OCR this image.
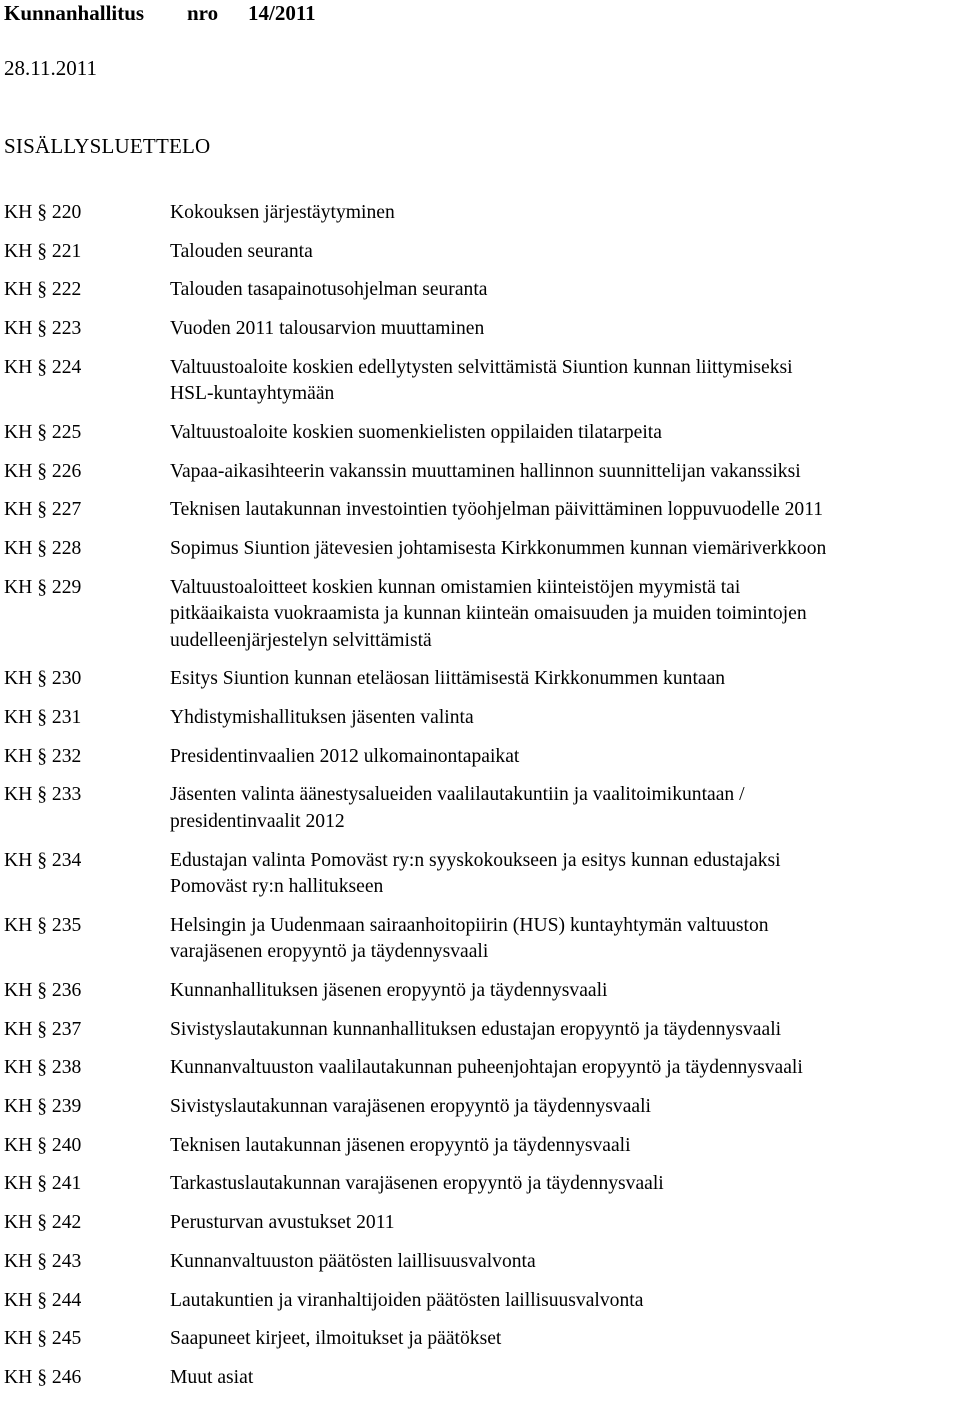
Kunnanhallitus nro 14/2011
28.11.2011
SISÄLLYSLUETTELO
KH § 220	Kokouksen järjestäytyminen
KH § 221	Talouden seuranta
KH § 222	Talouden tasapainotusohjelman seuranta
KH § 223	Vuoden 2011 talousarvion muuttaminen
KH § 224	Valtuustoaloite koskien edellytysten selvittämistä Siuntion kunnan liittymiseksi
HSL-kuntayhtymään
KH § 225	Valtuustoaloite koskien suomenkielisten oppilaiden tilatarpeita
KH § 226	Vapaa-aikasihteerin vakanssin muuttaminen hallinnon suunnittelijan vakanssiksi
KH § 227	Teknisen lautakunnan investointien työohjelman päivittäminen loppuvuodelle 2011
KH § 228	Sopimus Siuntion jätevesien johtamisesta Kirkkonummen kunnan viemäriverkkoon
KH § 229	Valtuustoaloitteet koskien kunnan omistamien kiinteistöjen myymistä tai
pitkäaikaista vuokraamista ja kunnan kiinteän omaisuuden ja muiden toimintojen
uudelleenjärjestelyn selvittämistä
KH § 230	Esitys Siuntion kunnan eteläosan liittämisestä Kirkkonummen kuntaan
KH § 231	Yhdistymishallituksen jäsenten valinta
KH § 232	Presidentinvaalien 2012 ulkomainontapaikat
KH § 233	Jäsenten valinta äänestysalueiden vaalilautakuntiin ja vaalitoimikuntaan /
presidentinvaalit 2012
KH § 234	Edustajan valinta Pomoväst ry:n syyskokoukseen ja esitys kunnan edustajaksi
Pomoväst ry:n hallitukseen
KH § 235	Helsingin ja Uudenmaan sairaanhoitopiirin (HUS) kuntayhtymän valtuuston
varajäsenen eropyyntö ja täydennysvaali
KH § 236	Kunnanhallituksen jäsenen eropyyntö ja täydennysvaali
KH § 237	Sivistyslautakunnan kunnanhallituksen edustajan eropyyntö ja täydennysvaali
KH § 238	Kunnanvaltuuston vaalilautakunnan puheenjohtajan eropyyntö ja täydennysvaali
KH § 239	Sivistyslautakunnan varajäsenen eropyyntö ja täydennysvaali
KH § 240	Teknisen lautakunnan jäsenen eropyyntö ja täydennysvaali
KH § 241	Tarkastuslautakunnan varajäsenen eropyyntö ja täydennysvaali
KH § 242	Perusturvan avustukset 2011
KH § 243	Kunnanvaltuuston päätösten laillisuusvalvonta
KH § 244	Lautakuntien ja viranhaltijoiden päätösten laillisuusvalvonta
KH § 245	Saapuneet kirjeet, ilmoitukset ja päätökset
KH § 246	Muut asiat
